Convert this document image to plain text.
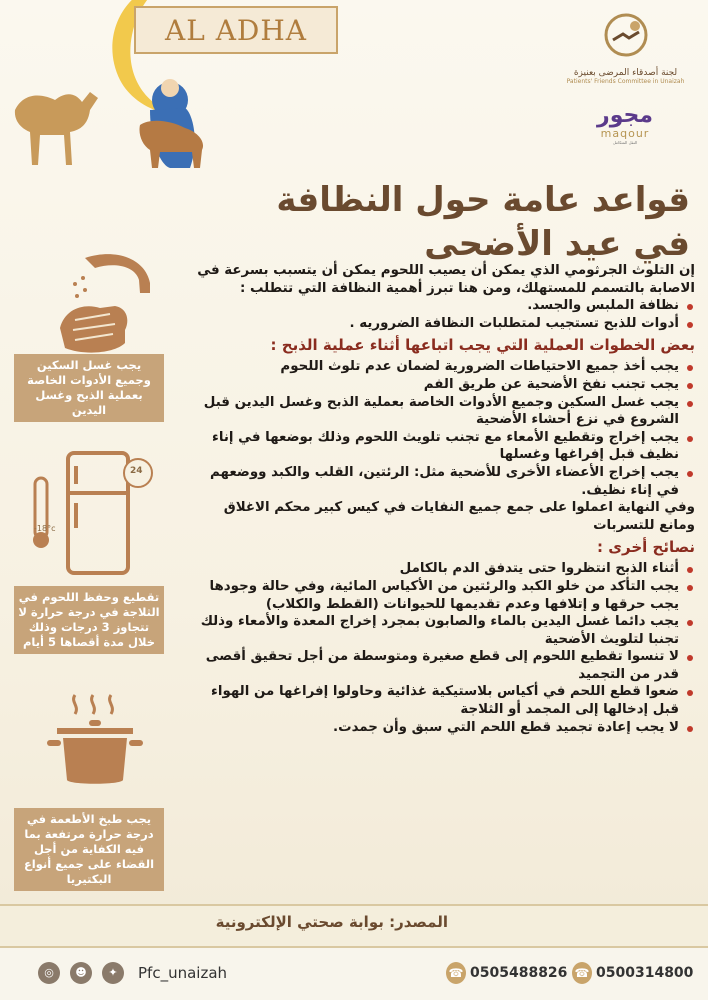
AL ADHA
لجنة أصدقاء المرضى بعنيزة
Patients' Friends Committee in Unaizah
مجور
maqour
النقل المتكامل
قواعد عامة حول النظافة
في عيد الأضحى
يجب غسل السكين وجميع الأدوات الخاصة بعملية الذبح وغسل اليدين
-18°c
24
تقطيع وحفظ اللحوم في الثلاجة في درجة حرارة لا تتجاوز 3 درجات وذلك خلال مدة أقصاها 5 أيام
يجب طبخ الأطعمة في درجة حرارة مرتفعة بما فيه الكفاية من أجل القضاء على جميع أنواع البكتيريا

إن التلوث الجرثومي الذي يمكن أن يصيب اللحوم يمكن أن يتسبب بسرعة في الاصابة بالتسمم للمستهلك، ومن هنا تبرز أهمية النظافة التي تتطلب :

نظافة الملبس والجسد.

أدوات للذبح تستجيب لمتطلبات النظافة الضروريه .

بعض الخطوات العملية التي يجب اتباعها أثناء عملية الذبح :

يجب أخذ جميع الاحتياطات الضرورية لضمان عدم تلوث اللحوم

يجب تجنب نفخ الأضحية عن طريق الفم

يجب غسل السكين وجميع الأدوات الخاصة بعملية الذبح وغسل اليدين قبل الشروع في نزع أحشاء الأضحية

يجب إخراج وتقطيع الأمعاء مع تجنب تلويث اللحوم وذلك بوضعها في إناء نظيف قبل إفراغها وغسلها

يجب إخراج الأعضاء الأخرى للأضحية مثل: الرئتين، القلب والكبد ووضعهم في إناء نظيف.

وفي النهاية اعملوا على جمع جميع النفايات في كيس كبير محكم الاغلاق ومانع للتسربات

نصائح أخرى :

أثناء الذبح انتظروا حتى يتدفق الدم بالكامل

يجب التأكد من خلو الكبد والرئتين من الأكياس المائية، وفي حالة وجودها يجب حرقها و إتلافها وعدم تقديمها للحيوانات (القطط والكلاب)

يجب دائما غسل اليدين بالماء والصابون بمجرد إخراج المعدة والأمعاء وذلك تجنبا لتلويث الأضحية

لا تنسوا تقطيع اللحوم إلى قطع صغيرة ومتوسطة من أجل تحقيق أقصى قدر من التجميد

ضعوا قطع اللحم في أكياس بلاستيكية غذائية وحاولوا إفراغها من الهواء قبل إدخالها إلى المجمد أو الثلاجة

لا يجب إعادة تجميد قطع اللحم التي سبق وأن جمدت.

المصدر: بوابة صحتي الإلكترونية
◎	☻	✦	Pfc_unaizah	☎ 0505488826 ☎ 0500314800
